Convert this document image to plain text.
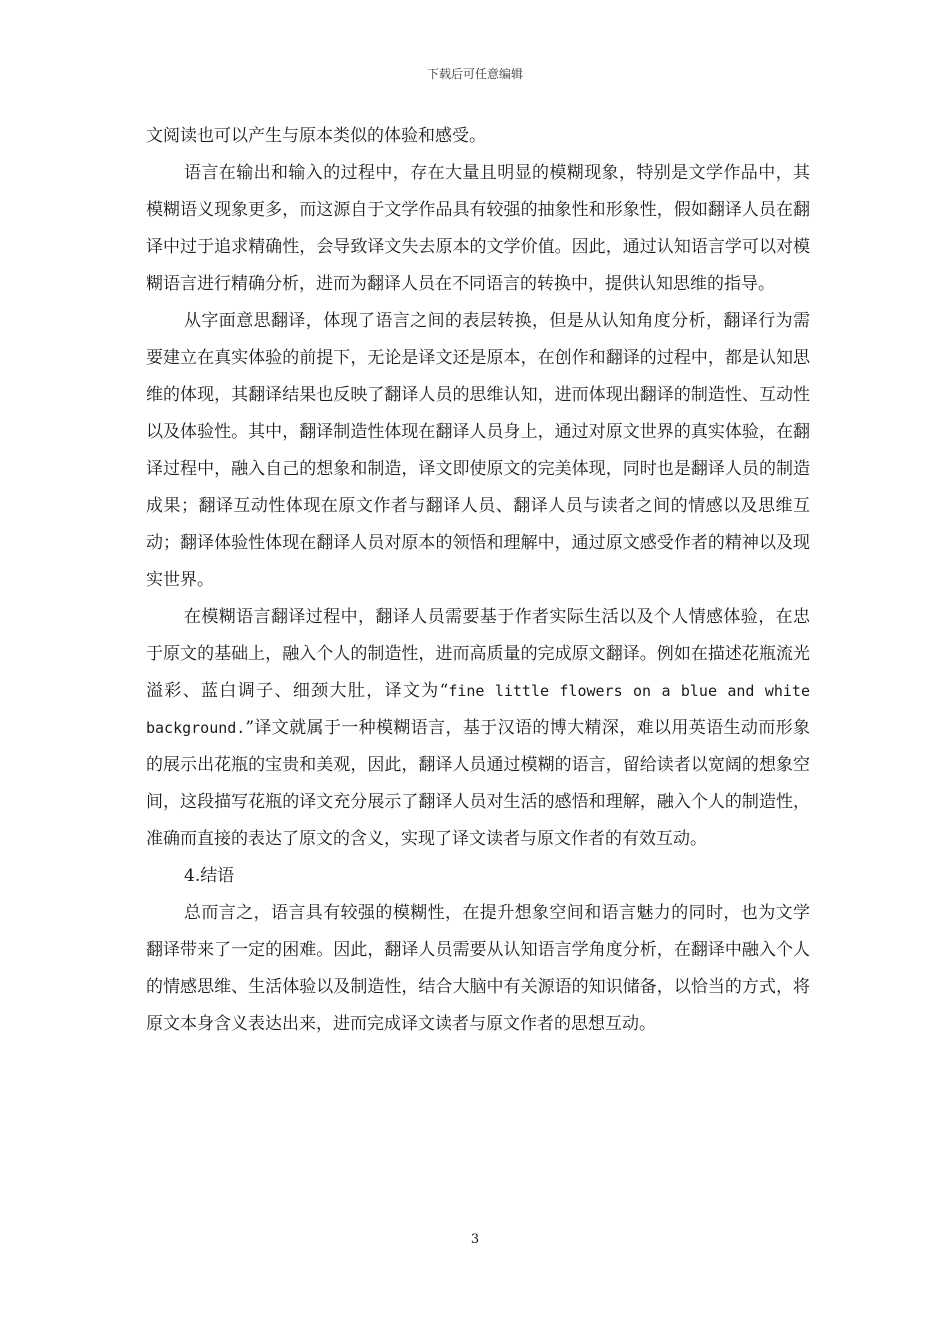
下载后可任意编辑

文阅读也可以产生与原本类似的体验和感受。

语言在输出和输入的过程中，存在大量且明显的模糊现象，特别是文学作品中，其模糊语义现象更多，而这源自于文学作品具有较强的抽象性和形象性，假如翻译人员在翻译中过于追求精确性，会导致译文失去原本的文学价值。因此，通过认知语言学可以对模糊语言进行精确分析，进而为翻译人员在不同语言的转换中，提供认知思维的指导。

从字面意思翻译，体现了语言之间的表层转换，但是从认知角度分析，翻译行为需要建立在真实体验的前提下，无论是译文还是原本，在创作和翻译的过程中，都是认知思维的体现，其翻译结果也反映了翻译人员的思维认知，进而体现出翻译的制造性、互动性以及体验性。其中，翻译制造性体现在翻译人员身上，通过对原文世界的真实体验，在翻译过程中，融入自己的想象和制造，译文即使原文的完美体现，同时也是翻译人员的制造成果；翻译互动性体现在原文作者与翻译人员、翻译人员与读者之间的情感以及思维互动；翻译体验性体现在翻译人员对原本的领悟和理解中，通过原文感受作者的精神以及现实世界。

在模糊语言翻译过程中，翻译人员需要基于作者实际生活以及个人情感体验，在忠于原文的基础上，融入个人的制造性，进而高质量的完成原文翻译。例如在描述花瓶流光溢彩、蓝白调子、细颈大肚，译文为“fine little flowers on a blue and white background.”译文就属于一种模糊语言，基于汉语的博大精深，难以用英语生动而形象的展示出花瓶的宝贵和美观，因此，翻译人员通过模糊的语言，留给读者以宽阔的想象空间，这段描写花瓶的译文充分展示了翻译人员对生活的感悟和理解，融入个人的制造性，准确而直接的表达了原文的含义，实现了译文读者与原文作者的有效互动。

4.结语

总而言之，语言具有较强的模糊性，在提升想象空间和语言魅力的同时，也为文学翻译带来了一定的困难。因此，翻译人员需要从认知语言学角度分析，在翻译中融入个人的情感思维、生活体验以及制造性，结合大脑中有关源语的知识储备，以恰当的方式，将原文本身含义表达出来，进而完成译文读者与原文作者的思想互动。

3
